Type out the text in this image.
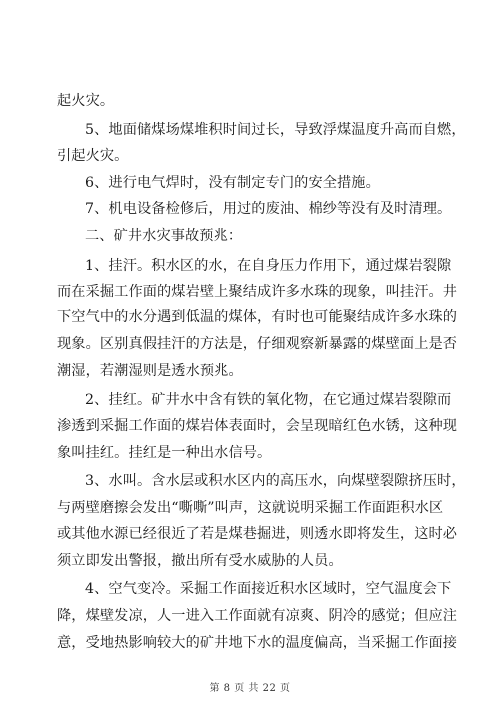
起火灾。
5、地面储煤场煤堆积时间过长，导致浮煤温度升高而自燃，
引起火灾。
6、进行电气焊时，没有制定专门的安全措施。
7、机电设备检修后，用过的废油、棉纱等没有及时清理。
二、矿井水灾事故预兆：
1、挂汗。积水区的水，在自身压力作用下，通过煤岩裂隙
而在采掘工作面的煤岩壁上聚结成许多水珠的现象，叫挂汗。井
下空气中的水分遇到低温的煤体，有时也可能聚结成许多水珠的
现象。区别真假挂汗的方法是，仔细观察新暴露的煤壁面上是否
潮湿，若潮湿则是透水预兆。
2、挂红。矿井水中含有铁的氧化物，在它通过煤岩裂隙而
渗透到采掘工作面的煤岩体表面时，会呈现暗红色水锈，这种现
象叫挂红。挂红是一种出水信号。
3、水叫。含水层或积水区内的高压水，向煤壁裂隙挤压时，
与两壁磨擦会发出“嘶嘶”叫声，这就说明采掘工作面距积水区
或其他水源已经很近了若是煤巷掘进，则透水即将发生，这时必
须立即发出警报，撤出所有受水威胁的人员。
4、空气变冷。采掘工作面接近积水区域时，空气温度会下
降，煤壁发凉，人一进入工作面就有凉爽、阴冷的感觉；但应注
意，受地热影响较大的矿井地下水的温度偏高，当采掘工作面接
第 8 页 共 22 页
